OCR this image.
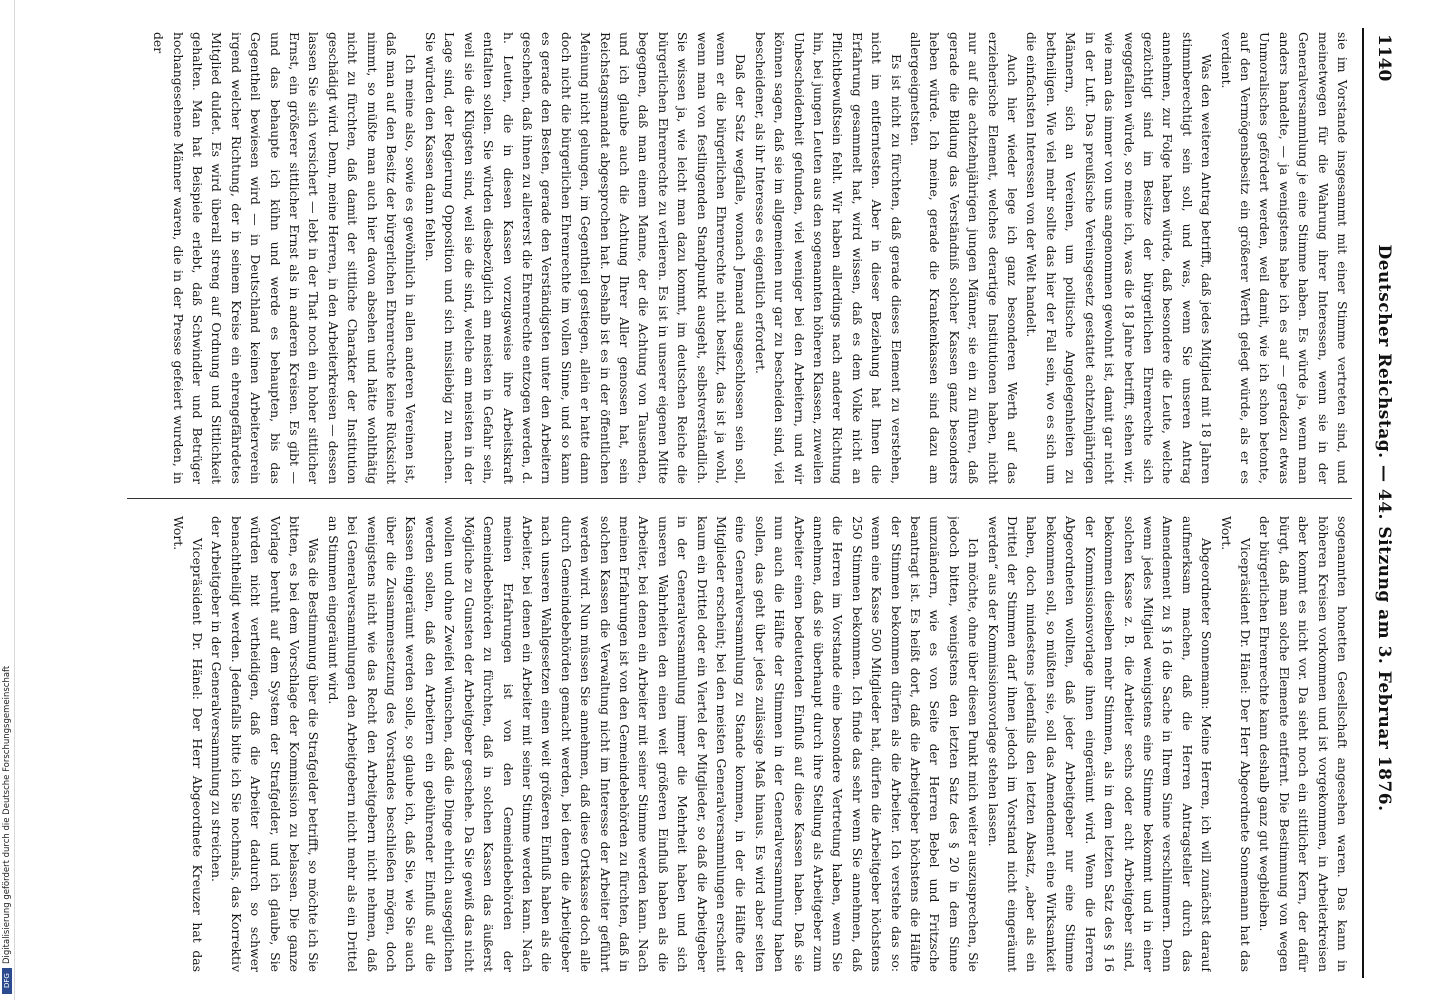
Digitalisierung gefördert durch die Deutsche Forschungsgemeinschaft
DFG
1140
Deutscher Reichstag. — 44. Sitzung am 3. Februar 1876.

sie im Vorstande insgesammt mit einer Stimme vertreten sind, und meinetwegen für die Wahrung ihrer Interessen, wenn sie in der Generalversammlung je eine Stimme haben. Es würde ja, wenn man anders handelte, — ja wenigstens habe ich es auf — geradezu etwas Unmoralisches gefördert werden, weil damit, wie ich schon betonte, auf den Vermögensbesitz ein größerer Werth gelegt würde, als er es verdient.

Was den weiteren Antrag betrifft, daß jedes Mitglied mit 18 Jahren stimmberechtigt sein soll, und was, wenn Sie unseren Antrag annehmen, zur Folge haben würde, daß besondere die Leute, welche gezüchtigt sind im Besitze der bürgerlichen Ehrenrechte sich weggefallen würde, so meine ich, was die 18 Jahre betrifft, stehen wir, wie man das immer von uns angenommen gewohnt ist, damit gar nicht in der Luft. Das preußische Vereinsgesetz gestattet achtzehnjährigen Männern, sich an Vereinen, um politische Angelegenheiten zu betheiligen. Wie viel mehr sollte das hier der Fall sein, wo es sich um die einfachsten Interessen von der Welt handelt.

Auch hier wieder lege ich ganz besonderen Werth auf das erzieherische Element, welches derartige Institutionen haben, nicht nur auf die achtzehnjährigen jungen Männer, sie ein zu führen, daß gerade die Bildung das Verständniß solcher Kassen ganz besonders heben würde. Ich meine, gerade die Krankenkassen sind dazu am allergeeignetsten.

Es ist nicht zu fürchten, daß gerade dieses Element zu verstehen, nicht im entferntesten. Aber in dieser Beziehung hat Ihnen die Erfahrung gesammelt hat, wird wissen, daß es dem Volke nicht an Pflichtbewußtsein fehlt. Wir haben allerdings nach anderer Richtung hin, bei jungen Leuten aus den sogenannten höheren Klassen, zuweilen Unbescheidenheit gefunden, viel weniger bei den Arbeitern, und wir können sagen, daß sie im allgemeinen nur gar zu bescheiden sind, viel bescheidener, als ihr Interesse es eigentlich erfordert.

Daß der Satz wegfalle, wonach Jemand ausgeschlossen sein soll, wenn er die bürgerlichen Ehrenrechte nicht besitzt, das ist ja wohl, wenn man von festlingenden Standpunkt ausgeht, selbstverständlich. Sie wissen ja, wie leicht man dazu kommt, im deutschen Reiche die bürgerlichen Ehrenrechte zu verlieren. Es ist in unserer eigenen Mitte begegnen, daß man einem Manne, der die Achtung von Tausenden, und ich glaube auch die Achtung Ihrer Aller genossen hat, sein Reichstagsmandat abgesprochen hat. Deshalb ist es in der öffentlichen Meinung nicht gelungen, im Gegentheil gestiegen, allein er hatte dann doch nicht die bürgerlichen Ehrenrechte im vollen Sinne, und so kann es gerade den Besten, gerade den Verständigsten unter den Arbeitern geschehen, daß ihnen zu allererst die Ehrenrechte entzogen werden, d. h. Leuten, die in diesen Kassen vorzugsweise ihre Arbeitskraft entfalten sollen. Sie würden diesbezüglich am meisten in Gefahr sein, weil sie die Klügsten sind, weil sie die sind, welche am meisten in der Lage sind, der Regierung Opposition und sich missliebig zu machen. Sie würden den Kassen dann fehlen.

Ich meine also, sowie es gewöhnlich in allen anderen Vereinen ist, daß man auf den Besitz der bürgerlichen Ehrenrechte keine Rücksicht nimmt, so müßte man auch hier davon absehen und hätte wohlthätig nicht zu fürchten, daß damit der sittliche Charakter der Institution geschädigt wird. Denn, meine Herren, in den Arbeiterkreisen — dessen lassen Sie sich versichert — lebt in der That noch ein hoher sittlicher Ernst, ein größerer sittlicher Ernst als in anderen Kreisen. Es gibt — und das behaupte ich kühn und werde es behaupten, bis das Gegentheil bewiesen wird — in Deutschland keinen Arbeiterverein irgend welcher Richtung, der in seinem Kreise ein ehrengefährdetes Mitglied duldet. Es wird überall streng auf Ordnung und Sittlichkeit gehalten. Man hat Beispiele erlebt, daß Schwindler und Betrüger hochangesehene Männer waren, die in der Presse gefeiert wurden, in der

sogenannten honetten Gesellschaft angesehen waren. Das kann in höheren Kreisen vorkommen und ist vorgekommen, in Arbeiterkreisen aber kommt es nicht vor. Da sieht noch ein sittlicher Kern, der dafür bürgt, daß man solche Elemente entfernt. Die Bestimmung von wegen der bürgerlichen Ehrenrechte kann deshalb ganz gut wegbleiben.

Vicepräsident Dr. Hänel: Der Herr Abgeordnete Sonnemann hat das Wort.

Abgeordneter Sonnemann: Meine Herren, ich will zunächst darauf aufmerksam machen, daß die Herren Antragsteller durch das Amendement zu § 16 die Sache in Ihrem Sinne verschlimmern. Denn wenn jedes Mitglied wenigstens eine Stimme bekommt und in einer solchen Kasse z. B. die Arbeiter sechs oder acht Arbeitgeber sind, bekommen dieselben mehr Stimmen, als in dem letzten Satz des § 16 der Kommissionsvorlage ihnen eingeräumt wird. Wenn die Herren Abgeordneten wollten, daß jeder Arbeitgeber nur eine Stimme bekommen soll, so müßten sie, soll das Amendement eine Wirksamkeit haben, doch mindestens jedenfalls den letzten Absatz, „aber als ein Drittel der Stimmen darf ihnen jedoch im Vorstand nicht eingeräumt werden“ aus der Kommissionsvorlage stehen lassen.

Ich möchte, ohne über diesen Punkt mich weiter auszusprechen, Sie jedoch bitten, wenigstens den letzten Satz des § 20 in dem Sinne umzuändern, wie es von Seite der Herren Bebel und Fritzsche beantragt ist. Es heißt dort, daß die Arbeitgeber höchstens die Hälfte der Stimmen bekommen dürfen als die Arbeiter. Ich verstehe das so: wenn eine Kasse 500 Mitglieder hat, dürfen die Arbeitgeber höchstens 250 Stimmen bekommen. Ich finde das sehr wenn Sie annehmen, daß die Herren im Vorstande eine besondere Vertretung haben, wenn Sie annehmen, daß sie überhaupt durch ihre Stellung als Arbeitgeber zum Arbeiter einen bedeutenden Einfluß auf diese Kassen haben. Daß sie nun auch die Hälfte der Stimmen in der Generalversammlung haben sollen, das geht über jedes zulässige Maß hinaus. Es wird aber selten eine Generalversammlung zu Stande kommen, in der die Hälfte der Mitglieder erscheint; bei den meisten Generalversammlungen erscheint kaum ein Drittel oder ein Viertel der Mitglieder, so daß die Arbeitgeber in der Generalversammlung immer die Mehrheit haben und sich unseren Wahrheiten den einen weit größeren Einfluß haben als die Arbeiter, bei denen ein Arbeiter mit seiner Stimme werden kann. Nach meinen Erfahrungen ist von den Gemeindebehörden zu fürchten, daß in solchen Kassen die Verwaltung nicht im Interesse der Arbeiter geführt werden wird. Nun müssen Sie annehmen, daß diese Ortskasse doch alle durch Gemeindebehörden gemacht werden, bei denen die Arbeitgeber nach unseren Wahlgesetzen einen weit größeren Einfluß haben als die Arbeiter, bei denen ein Arbeiter mit seiner Stimme werden kann. Nach meinen Erfahrungen ist von den Gemeindebehörden der Gemeindebehörden zu fürchten, daß in solchen Kassen das äußerst Mögliche zu Gunsten der Arbeitgeber geschehe. Da Sie gewiß das nicht wollen und ohne Zweifel wünschen, daß die Dinge ehrlich ausgeglichen werden sollen, daß den Arbeitern ein gebührender Einfluß auf die Kassen eingeräumt werden solle, so glaube ich, daß Sie, wie Sie auch über die Zusammensetzung des Vorstandes beschließen mögen, doch wenigstens nicht wie das Recht den Arbeitgebern nicht nehmen, daß bei Generalversammlungen den Arbeitgebern nicht mehr als ein Drittel an Stimmen eingeräumt wird.

Was die Bestimmung über die Strafgelder betrifft, so möchte ich Sie bitten, es bei dem Vorschlage der Kommission zu belassen. Die ganze Vorlage beruht auf dem System der Strafgelder, und ich glaube, Sie würden nicht vertheidigen, daß die Arbeiter dadurch so schwer benachtheiligt werden. Jedenfalls bitte ich Sie nochmals, das Korrektiv der Arbeitgeber in der Generalversammlung zu streichen.

Vicepräsident Dr. Hänel: Der Herr Abgeordnete Kreuzer hat das Wort.
